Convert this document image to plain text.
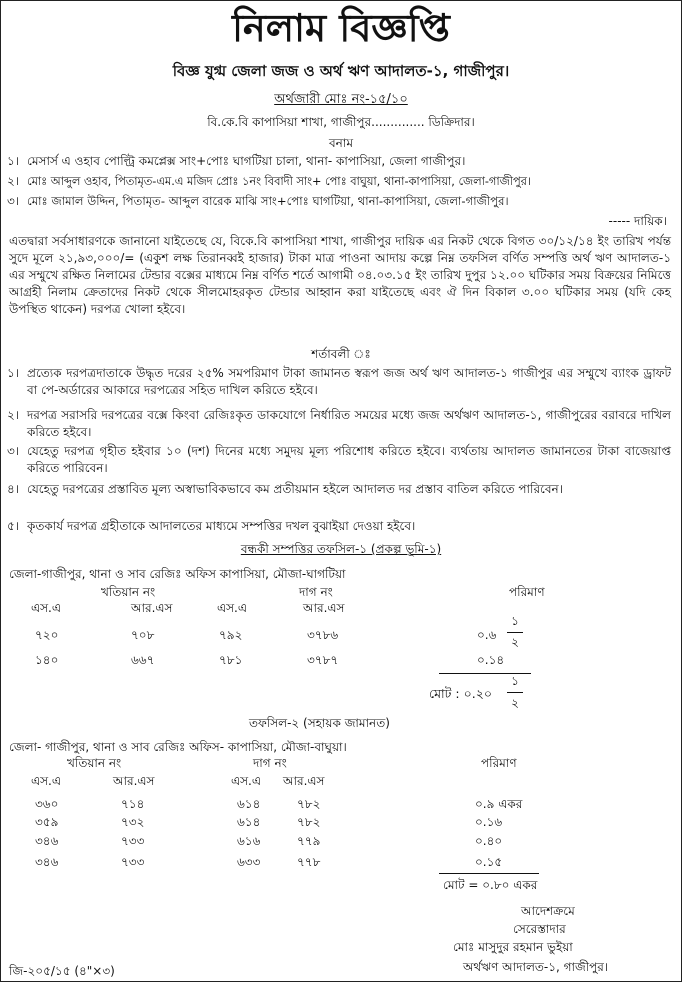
নিলাম বিজ্ঞপ্তি
বিজ্ঞ যুগ্ম জেলা জজ ও অর্থ ঋণ আদালত-১, গাজীপুর।
অর্থজারী মোঃ নং-১৫/১০
বি.কে.বি কাপাসিয়া শাখা, গাজীপুর.............. ডিক্রিদার।
বনাম
১। মেসার্স এ ওহাব পোল্ট্রি কমপ্লেক্স সাং+পোঃ ঘাগটিয়া চালা, থানা- কাপাসিয়া, জেলা গাজীপুর।
২। মোঃ আব্দুল ওহাব, পিতামৃত-এম.এ মজিদ প্রোঃ ১নং বিবাদী সাং+ পোঃ বাঘুয়া, থানা-কাপাসিয়া, জেলা-গাজীপুর।
৩। মোঃ জামাল উদ্দিন, পিতামৃত- আব্দুল বারেক মাঝি সাং+পোঃ ঘাগটিয়া, থানা-কাপাসিয়া, জেলা-গাজীপুর।
----- দায়িক।
এতদ্বারা সর্বসাধারণকে জানানো যাইতেছে যে, বিকে.বি কাপাসিয়া শাখা, গাজীপুর দায়িক এর নিকট থেকে বিগত ৩০/১২/১৪ ইং তারিখ পর্যন্ত সুদে মূলে ২১,৯৩,০০০/= (একুশ লক্ষ তিরানব্বই হাজার) টাকা মাত্র পাওনা আদায় কল্পে নিম্ন তফসিল বর্ণিত সম্পত্তি অর্থ ঋণ আদালত-১ এর সম্মুখে রক্ষিত নিলামের টেন্ডার বক্সের মাধ্যমে নিম্ন বর্ণিত শর্তে আগামী ০৪.০৩.১৫ ইং তারিখ দুপুর ১২.০০ ঘটিকার সময় বিক্রয়ের নিমিত্তে আগ্রহী নিলাম ক্রেতাদের নিকট থেকে সীলমোহরকৃত টেন্ডার আহ্বান করা যাইতেছে এবং ঐ দিন বিকাল ৩.০০ ঘটিকার সময় (যদি কেহ উপস্থিত থাকেন) দরপত্র খোলা হইবে।
শর্তাবলী ঃ
১। প্রত্যেক দরপত্রদাতাকে উদ্ধৃত দরের ২৫% সমপরিমাণ টাকা জামানত স্বরূপ জজ অর্থ ঋণ আদালত-১ গাজীপুর এর সম্মুখে ব্যাংক ড্রাফট বা পে-অর্ডারের আকারে দরপত্রের সহিত দাখিল করিতে হইবে।
২। দরপত্র সরাসরি দরপত্রের বক্সে কিংবা রেজিঃকৃত ডাকযোগে নির্ধারিত সময়ের মধ্যে জজ অর্থঋণ আদালত-১, গাজীপুরের বরাবরে দাখিল করিতে হইবে।
৩। যেহেতু দরপত্র গৃহীত হইবার ১০ (দশ) দিনের মধ্যে সমুদয় মূল্য পরিশোধ করিতে হইবে। ব্যর্থতায় আদালত জামানতের টাকা বাজেয়াপ্ত করিতে পারিবেন।
৪। যেহেতু দরপত্রের প্রস্তাবিত মূল্য অস্বাভাবিকভাবে কম প্রতীয়মান হইলে আদালত দর প্রস্তাব বাতিল করিতে পারিবেন।
৫। কৃতকার্য দরপত্র গ্রহীতাকে আদালতের মাধ্যমে সম্পত্তির দখল বুঝাইয়া দেওয়া হইবে।
বন্ধকী সম্পত্তির তফসিল-১ (প্রকল্প ভূমি-১)
জেলা-গাজীপুর, থানা ও সাব রেজিঃ অফিস কাপাসিয়া, মৌজা-ঘাগটিয়া
খতিয়ান নং	দাগ নং	পরিমাণ
এস.এ	আর.এস	এস.এ	আর.এস
৭২০	৭০৮	৭৯২	৩৭৮৬	০.৬
১
২
১৪০	৬৬৭	৭৮১	৩৭৮৭	০.১৪
মোট : ০.২০
১
২
তফসিল-২ (সহায়ক জামানত)
জেলা- গাজীপুর, থানা ও সাব রেজিঃ অফিস- কাপাসিয়া, মৌজা-বাঘুয়া।
খতিয়ান নং	দাগ নং	পরিমাণ
এস.এ	আর.এস	এস.এ আর.এস
৩৬০	৭১৪	৬১৪	৭৮২	০.৯ একর
৩৫৯	৭৩২	৬১৪	৭৮২	০.১৬
৩৪৬	৭৩৩	৬১৬	৭৭৯	০.৪০
৩৪৬	৭৩৩	৬৩৩	৭৭৮	০.১৫
মোট = ০.৮০ একর
আদেশক্রমে
সেরেস্তাদার
মোঃ মাসুদুর রহমান ভুইয়া
অর্থঋণ আদালত-১, গাজীপুর।
জি-২০৫/১৫ (৪"×৩)
